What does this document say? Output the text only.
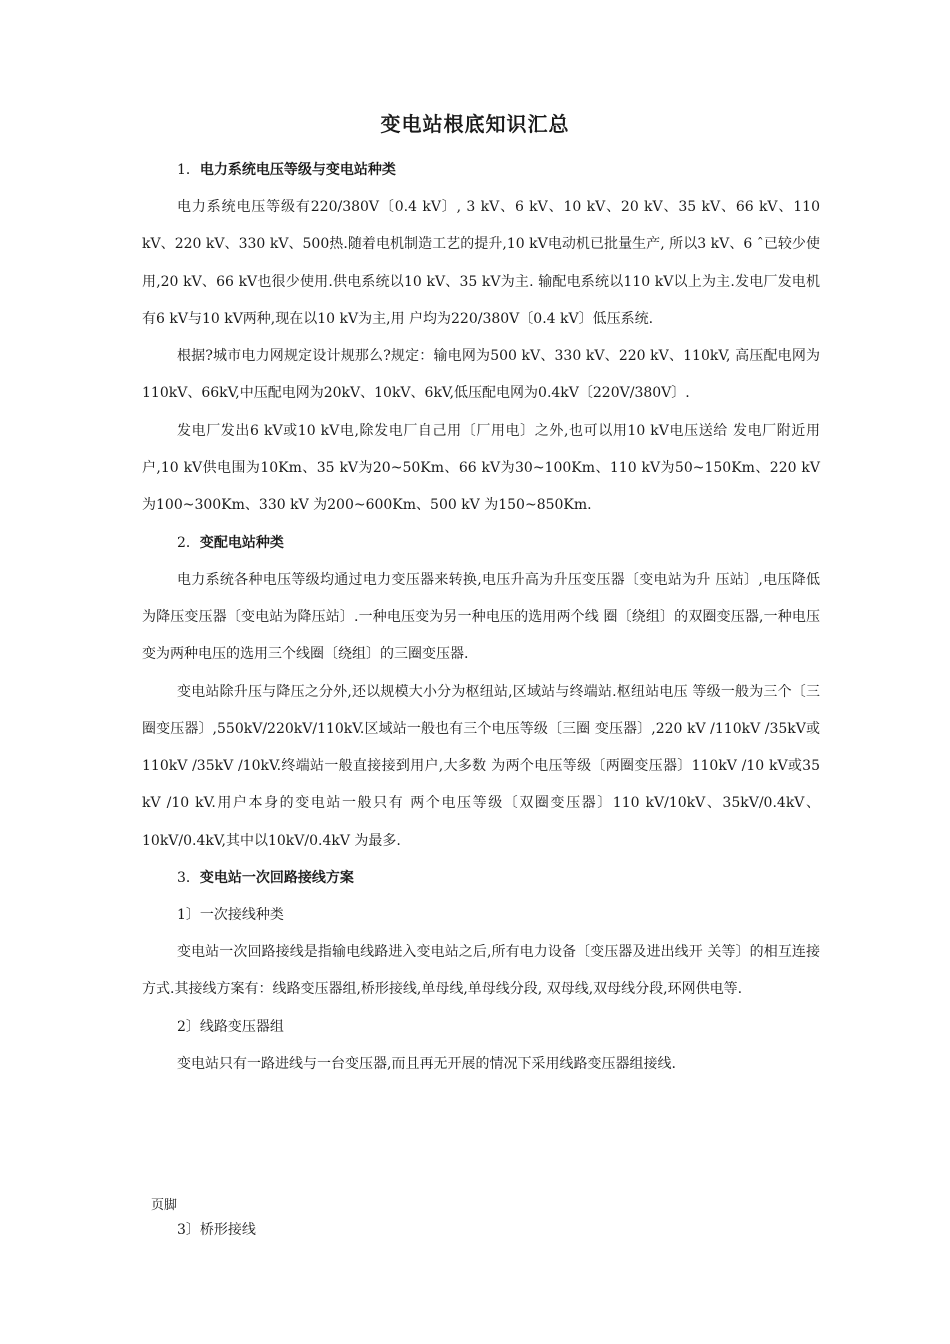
变电站根底知识汇总

1．电力系统电压等级与变电站种类

电力系统电压等级有220/380V〔0.4 kV〕, 3 kV、6 kV、10 kV、20 kV、35 kV、66 kV、110 kV、220 kV、330 kV、500热.随着电机制造工艺的提升,10 kV电动机已批量生产, 所以3 kV、6 ˆ已较少使用,20 kV、66 kV也很少使用.供电系统以10 kV、35 kV为主. 输配电系统以110 kV以上为主.发电厂发电机有6 kV与10 kV两种,现在以10 kV为主,用 户均为220/380V〔0.4 kV〕低压系统.

根据?城市电力网规定设计规那么?规定：输电网为500 kV、330 kV、220 kV、110kV, 高压配电网为110kV、66kV,中压配电网为20kV、10kV、6kV,低压配电网为0.4kV〔220V/380V〕.

发电厂发出6 kV或10 kV电,除发电厂自己用〔厂用电〕之外,也可以用10 kV电压送给 发电厂附近用户,10 kV供电围为10Km、35 kV为20~50Km、66 kV为30~100Km、110 kV为50~150Km、220 kV 为100~300Km、330 kV 为200~600Km、500 kV 为150~850Km.

2．变配电站种类

电力系统各种电压等级均通过电力变压器来转换,电压升高为升压变压器〔变电站为升 压站〕,电压降低为降压变压器〔变电站为降压站〕.一种电压变为另一种电压的选用两个线 圈〔绕组〕的双圈变压器,一种电压变为两种电压的选用三个线圈〔绕组〕的三圈变压器.

变电站除升压与降压之分外,还以规模大小分为枢纽站,区域站与终端站.枢纽站电压 等级一般为三个〔三圈变压器〕,550kV/220kV/110kV.区域站一般也有三个电压等级〔三圈 变压器〕,220 kV /110kV /35kV或110kV /35kV /10kV.终端站一般直接接到用户,大多数 为两个电压等级〔两圈变压器〕110kV /10 kV或35 kV /10 kV.用户本身的变电站一般只有 两个电压等级〔双圈变压器〕110 kV/10kV、35kV/0.4kV、10kV/0.4kV,其中以10kV/0.4kV 为最多.

3．变电站一次回路接线方案

1〕一次接线种类

变电站一次回路接线是指输电线路进入变电站之后,所有电力设备〔变压器及进出线开 关等〕的相互连接方式.其接线方案有：线路变压器组,桥形接线,单母线,单母线分段, 双母线,双母线分段,环网供电等.

2〕线路变压器组

变电站只有一路进线与一台变压器,而且再无开展的情况下采用线路变压器组接线.

页脚
3〕桥形接线
